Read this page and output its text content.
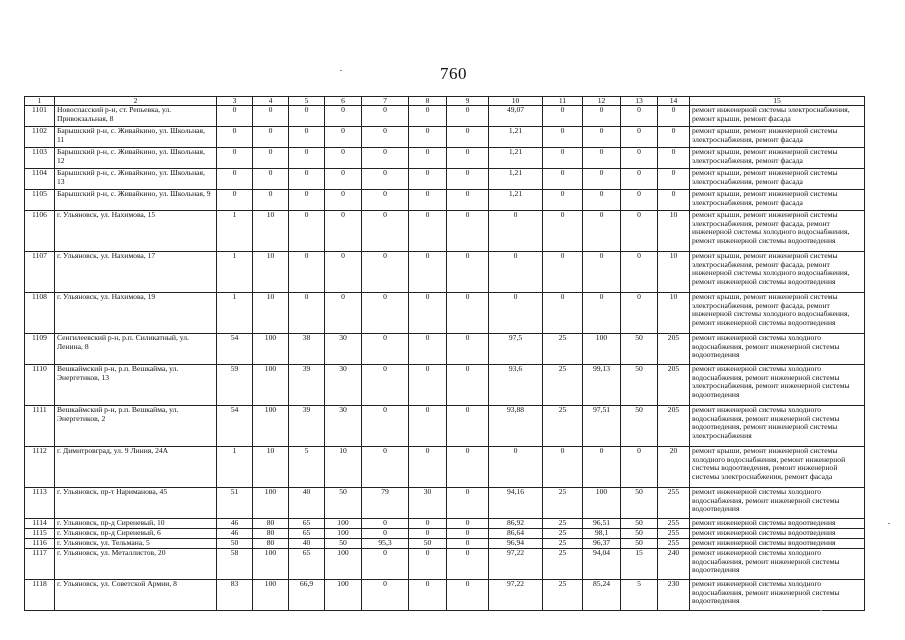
760
1	2	3	4	5	6	7	8	9	10	11	12	13	14	15
1101	Новоспасский р-н, ст. Репьевка, ул. Привокзальная, 8	0	0	0	0	0	0	0	49,07	0	0	0	0	ремонт инженерной системы электроснабжения, ремонт крыши, ремонт фасада
1102	Барышский р-н, с. Живайкино, ул. Школьная, 11	0	0	0	0	0	0	0	1,21	0	0	0	0	ремонт крыши, ремонт инженерной системы электроснабжения, ремонт фасада
1103	Барышский р-н, с. Живайкино, ул. Школьная, 12	0	0	0	0	0	0	0	1,21	0	0	0	0	ремонт крыши, ремонт инженерной системы электроснабжения, ремонт фасада
1104	Барышский р-н, с. Живайкино, ул. Школьная, 13	0	0	0	0	0	0	0	1,21	0	0	0	0	ремонт крыши, ремонт инженерной системы электроснабжения, ремонт фасада
1105	Барышский р-н, с. Живайкино, ул. Школьная, 9	0	0	0	0	0	0	0	1,21	0	0	0	0	ремонт крыши, ремонт инженерной системы электроснабжения, ремонт фасада
1106	г. Ульяновск, ул. Нахимова, 15	1	10	0	0	0	0	0	0	0	0	0	10	ремонт крыши, ремонт инженерной системы электроснабжения, ремонт фасада, ремонт инженерной системы холодного водоснабжения, ремонт инженерной системы водоотведения
1107	г. Ульяновск, ул. Нахимова, 17	1	10	0	0	0	0	0	0	0	0	0	10	ремонт крыши, ремонт инженерной системы электроснабжения, ремонт фасада, ремонт инженерной системы холодного водоснабжения, ремонт инженерной системы водоотведения
1108	г. Ульяновск, ул. Нахимова, 19	1	10	0	0	0	0	0	0	0	0	0	10	ремонт крыши, ремонт инженерной системы электроснабжения, ремонт фасада, ремонт инженерной системы холодного водоснабжения, ремонт инженерной системы водоотведения
1109	Сенгилеевский р-н, р.п. Силикатный, ул. Ленина, 8	54	100	38	30	0	0	0	97,5	25	100	50	205	ремонт инженерной системы холодного водоснабжения, ремонт инженерной системы водоотведения
1110	Вешкаймский р-н, р.п. Вешкайма, ул. Энергетиков, 13	59	100	39	30	0	0	0	93,6	25	99,13	50	205	ремонт инженерной системы холодного водоснабжения, ремонт инженерной системы электроснабжения, ремонт инженерной системы водоотведения
1111	Вешкаймский р-н, р.п. Вешкайма, ул. Энергетиков, 2	54	100	39	30	0	0	0	93,88	25	97,51	50	205	ремонт инженерной системы холодного водоснабжения, ремонт инженерной системы водоотведения, ремонт инженерной системы электроснабжения
1112	г. Димитровград, ул. 9 Линия, 24А	1	10	5	10	0	0	0	0	0	0	0	20	ремонт крыши, ремонт инженерной системы холодного водоснабжения, ремонт инженерной системы водоотведения, ремонт инженерной системы электроснабжения, ремонт фасада
1113	г. Ульяновск, пр-т Нариманова, 45	51	100	40	50	79	30	0	94,16	25	100	50	255	ремонт инженерной системы холодного водоснабжения, ремонт инженерной системы водоотведения
1114	г. Ульяновск, пр-д Сиреневый, 10	46	80	65	100	0	0	0	86,92	25	96,51	50	255	ремонт инженерной системы водоотведения
1115	г. Ульяновск, пр-д Сиреневый, 6	46	80	65	100	0	0	0	86,64	25	98,1	50	255	ремонт инженерной системы водоотведения
1116	г. Ульяновск, ул. Тельмана, 5	50	80	40	50	95,3	50	0	96,94	25	96,37	50	255	ремонт инженерной системы водоотведения
1117	г. Ульяновск, ул. Металлистов, 20	58	100	65	100	0	0	0	97,22	25	94,04	15	240	ремонт инженерной системы холодного водоснабжения, ремонт инженерной системы водоотведения
1118	г. Ульяновск, ул. Советской Армии, 8	83	100	66,9	100	0	0	0	97,22	25	85,24	5	230	ремонт инженерной системы холодного водоснабжения, ремонт инженерной системы водоотведения
